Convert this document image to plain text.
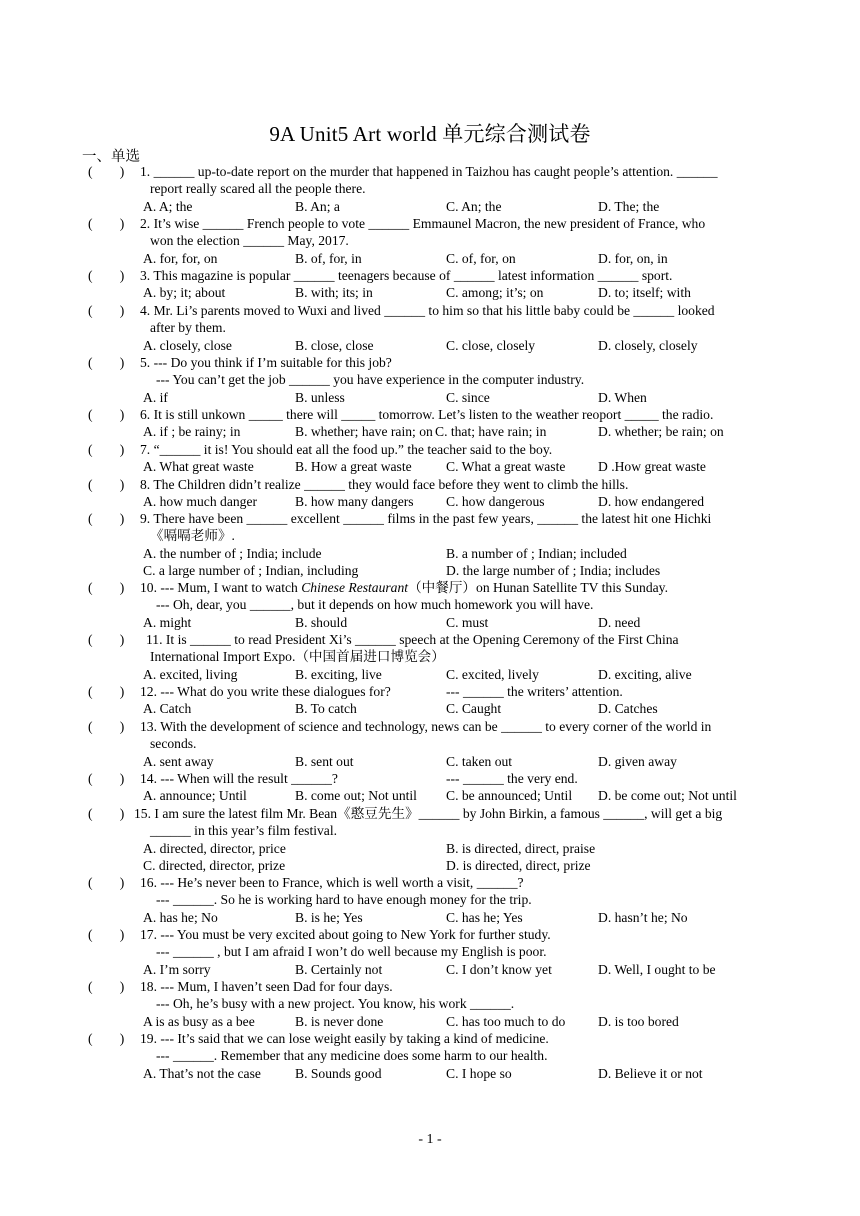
9A Unit5 Art world 单元综合测试卷
一、单选
(　　) 1. ______ up-to-date report on the murder that happened in Taizhou has caught people’s attention. ______
report really scared all the people there.
A. A; the	B. An; a	C. An; the	D. The; the
(　　) 2. It’s wise ______ French people to vote ______ Emmaunel Macron, the new president of France, who
won the election ______ May, 2017.
A. for, for, on	B. of, for, in	C. of, for, on	D. for, on, in
(　　) 3. This magazine is popular ______ teenagers because of ______ latest information ______ sport.
A. by; it; about	B. with; its; in	C. among; it’s; on	D. to; itself; with
(　　) 4. Mr. Li’s parents moved to Wuxi and lived ______ to him so that his little baby could be ______ looked
after by them.
A. closely, close	B. close, close	C. close, closely	D. closely, closely
(　　) 5. --- Do you think if I’m suitable for this job?
--- You can’t get the job ______ you have experience in the computer industry.
A. if	B. unless	C. since	D. When
(　　) 6. It is still unkown _____ there will _____ tomorrow. Let’s listen to the weather reoport _____ the radio.
A. if ; be rainy; in	B. whether; have rain; on C. that; have rain; in	D. whether; be rain; on
(　　) 7. “______ it is! You should eat all the food up.” the teacher said to the boy.
A. What great waste	B. How a great waste	C. What a great waste D .How great waste
(　　) 8. The Children didn’t realize ______ they would face before they went to climb the hills.
A. how much danger	B. how many dangers C. how dangerous	D. how endangered
(　　) 9. There have been ______ excellent ______ films in the past few years, ______ the latest hit one Hichki
《嗝嗝老师》.
A. the number of ; India; include	B. a number of ; Indian; included
C. a large number of ; Indian, including	D. the large number of ; India; includes
(　　) 10. --- Mum, I want to watch Chinese Restaurant（中餐厅）on Hunan Satellite TV this Sunday.
--- Oh, dear, you ______, but it depends on how much homework you will have.
A. might	B. should	C. must	D. need
(　　) 11. It is ______ to read President Xi’s ______ speech at the Opening Ceremony of the First China
International Import Expo.（中国首届进口博览会）
A. excited, living	B. exciting, live	C. excited, lively	D. exciting, alive
(　　) 12. --- What do you write these dialogues for?	--- ______ the writers’ attention.
A. Catch	B. To catch	C. Caught	D. Catches
(　　) 13. With the development of science and technology, news can be ______ to every corner of the world in
seconds.
A. sent away	B. sent out	C. taken out	D. given away
(　　) 14. --- When will the result ______?	--- ______ the very end.
A. announce; Until	B. come out; Not until C. be announced; Until D. be come out; Not until
(　　) 15. I am sure the latest film Mr. Bean《憨豆先生》______ by John Birkin, a famous ______, will get a big
______ in this year’s film festival.
A. directed, director, price	B. is directed, direct, praise
C. directed, director, prize	D. is directed, direct, prize
(　　) 16. --- He’s never been to France, which is well worth a visit, ______?
--- ______. So he is working hard to have enough money for the trip.
A. has he; No	B. is he; Yes	C. has he; Yes	D. hasn’t he; No
(　　) 17. --- You must be very excited about going to New York for further study.
--- ______ , but I am afraid I won’t do well because my English is poor.
A. I’m sorry	B. Certainly not	C. I don’t know yet	D. Well, I ought to be
(　　) 18. --- Mum, I haven’t seen Dad for four days.
--- Oh, he’s busy with a new project. You know, his work ______.
A is as busy as a bee	B. is never done	C. has too much to do D. is too bored
(　　) 19. --- It’s said that we can lose weight easily by taking a kind of medicine.
--- ______. Remember that any medicine does some harm to our health.
A. That’s not the case	B. Sounds good	C. I hope so	D. Believe it or not
- 1 -
